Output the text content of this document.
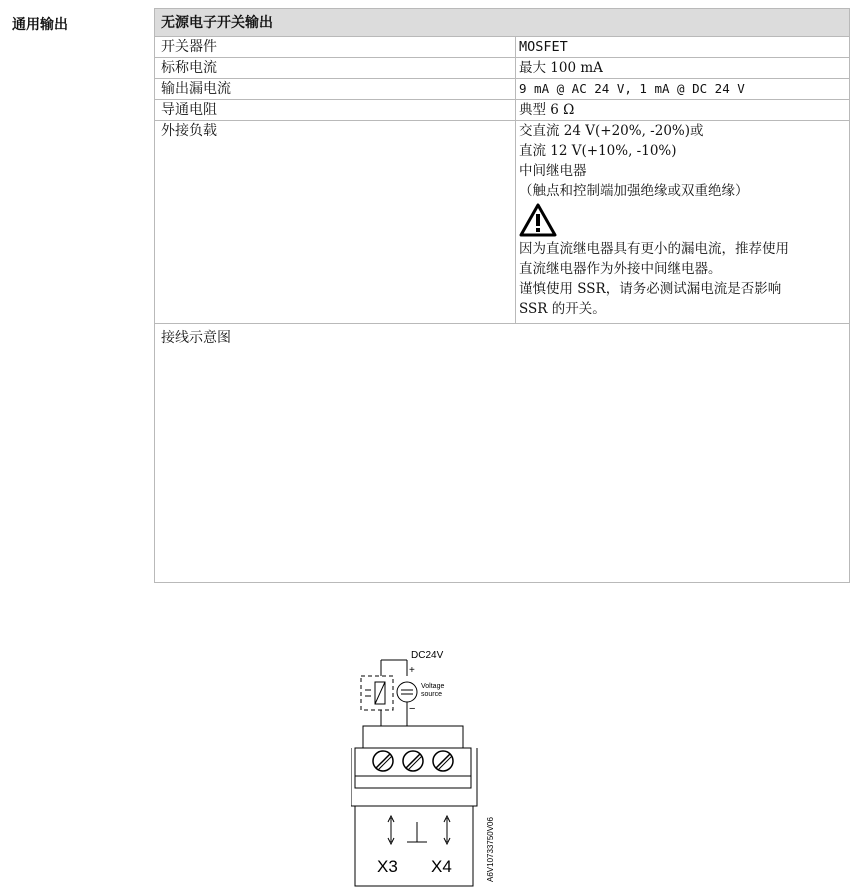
通用输出	无源电子开关输出
开关器件	MOSFET
标称电流	最大 100 mA
输出漏电流	9 mA @ AC 24 V, 1 mA @ DC 24 V
导通电阻	典型 6 Ω
外接负载	交直流 24 V(+20%, -20%)或
直流 12 V(+10%, -10%)
中间继电器
（触点和控制端加强绝缘或双重绝缘）
因为直流继电器具有更小的漏电流，推荐使用
直流继电器作为外接中间继电器。
谨慎使用 SSR，请务必测试漏电流是否影响
SSR 的开关。
接线示意图
DC24V
+
−
Voltage
source
X3 X4	A6V10733750V06
